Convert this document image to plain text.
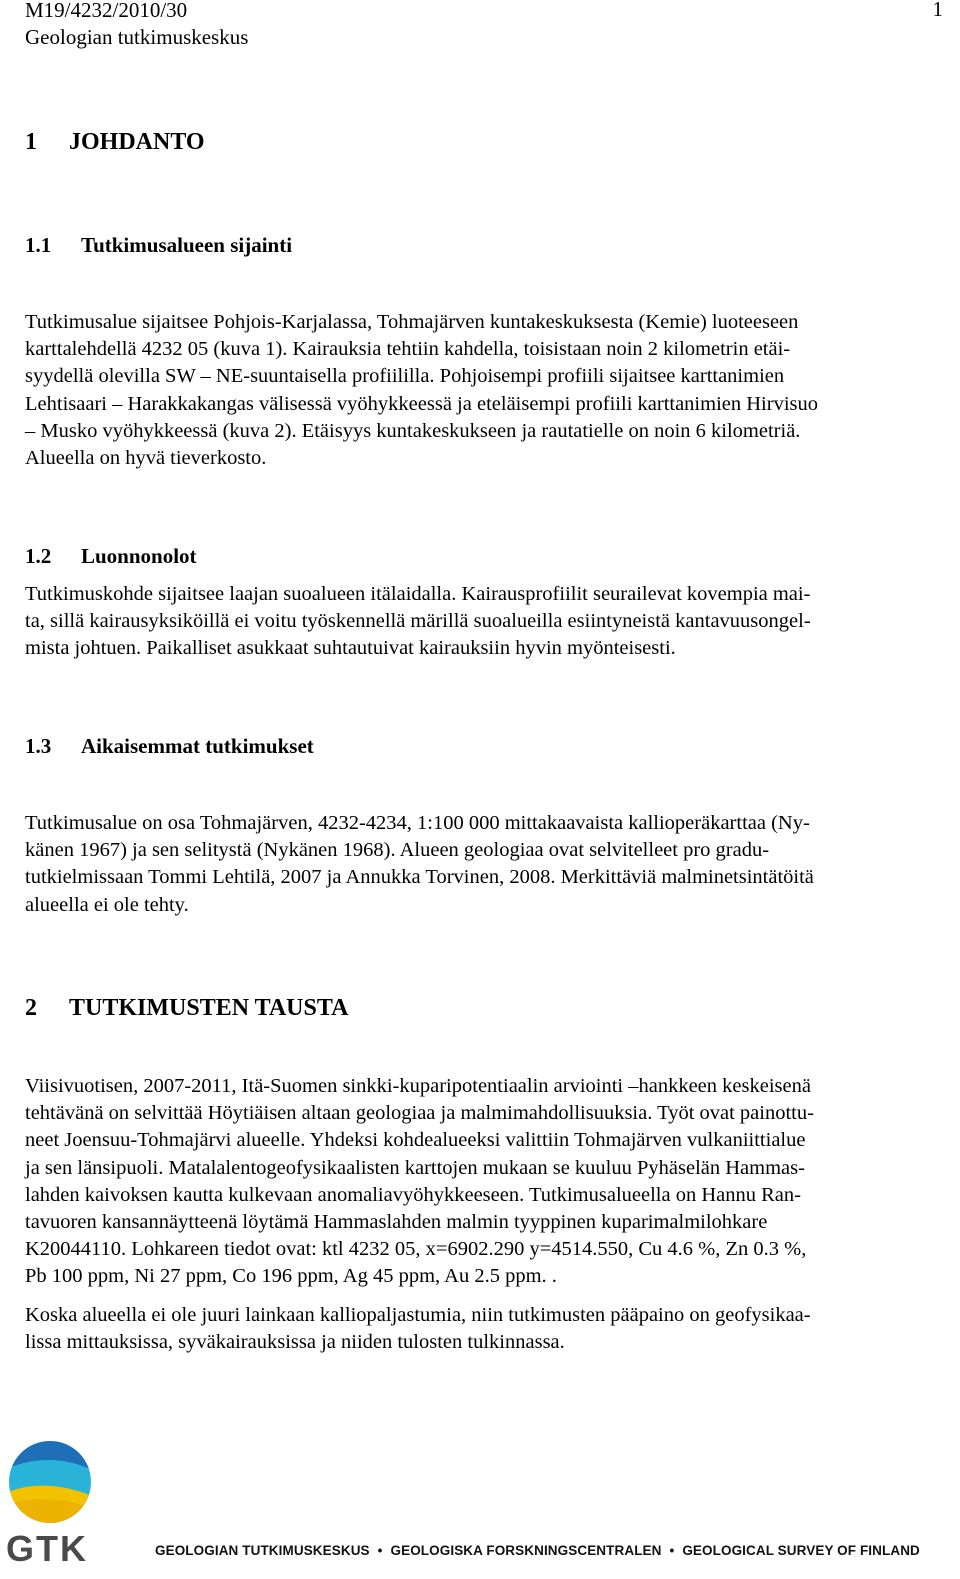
M19/4232/2010/30
Geologian tutkimuskeskus
1
1 JOHDANTO
1.1 Tutkimusalueen sijainti
Tutkimusalue sijaitsee Pohjois-Karjalassa, Tohmajärven kuntakeskuksesta (Kemie) luoteeseen
karttalehdellä 4232 05 (kuva 1). Kairauksia tehtiin kahdella, toisistaan noin 2 kilometrin etäi-
syydellä olevilla SW – NE-suuntaisella profiililla. Pohjoisempi profiili sijaitsee karttanimien
Lehtisaari – Harakkakangas välisessä vyöhykkeessä ja eteläisempi profiili karttanimien Hirvisuo
– Musko vyöhykkeessä (kuva 2). Etäisyys kuntakeskukseen ja rautatielle on noin 6 kilometriä.
Alueella on hyvä tieverkosto.
1.2 Luonnonolot
Tutkimuskohde sijaitsee laajan suoalueen itälaidalla. Kairausprofiilit seurailevat kovempia mai-
ta, sillä kairausyksiköillä ei voitu työskennellä märillä suoalueilla esiintyneistä kantavuusongel-
mista johtuen. Paikalliset asukkaat suhtautuivat kairauksiin hyvin myönteisesti.
1.3 Aikaisemmat tutkimukset
Tutkimusalue on osa Tohmajärven, 4232-4234, 1:100 000 mittakaavaista kallioperäkarttaa (Ny-
känen 1967) ja sen selitystä (Nykänen 1968). Alueen geologiaa ovat selvitelleet pro gradu-
tutkielmissaan Tommi Lehtilä, 2007 ja Annukka Torvinen, 2008. Merkittäviä malminetsintätöitä
alueella ei ole tehty.
2 TUTKIMUSTEN TAUSTA
Viisivuotisen, 2007-2011, Itä-Suomen sinkki-kuparipotentiaalin arviointi –hankkeen keskeisenä
tehtävänä on selvittää Höytiäisen altaan geologiaa ja malmimahdollisuuksia. Työt ovat painottu-
neet Joensuu-Tohmajärvi alueelle. Yhdeksi kohdealueeksi valittiin Tohmajärven vulkaniittialue
ja sen länsipuoli. Matalalentogeofysikaalisten karttojen mukaan se kuuluu Pyhäselän Hammas-
lahden kaivoksen kautta kulkevaan anomaliavyöhykkeeseen. Tutkimusalueella on Hannu Ran-
tavuoren kansannäytteenä löytämä Hammaslahden malmin tyyppinen kuparimalmilohkare
K20044110. Lohkareen tiedot ovat: ktl 4232 05, x=6902.290 y=4514.550, Cu 4.6 %, Zn 0.3 %,
Pb 100 ppm, Ni 27 ppm, Co 196 ppm, Ag 45 ppm, Au 2.5 ppm. .
Koska alueella ei ole juuri lainkaan kalliopaljastumia, niin tutkimusten pääpaino on geofysikaa-
lissa mittauksissa, syväkairauksissa ja niiden tulosten tulkinnassa.
GTK	GEOLOGIAN TUTKIMUSKESKUS • GEOLOGISKA FORSKNINGSCENTRALEN • GEOLOGICAL SURVEY OF FINLAND
